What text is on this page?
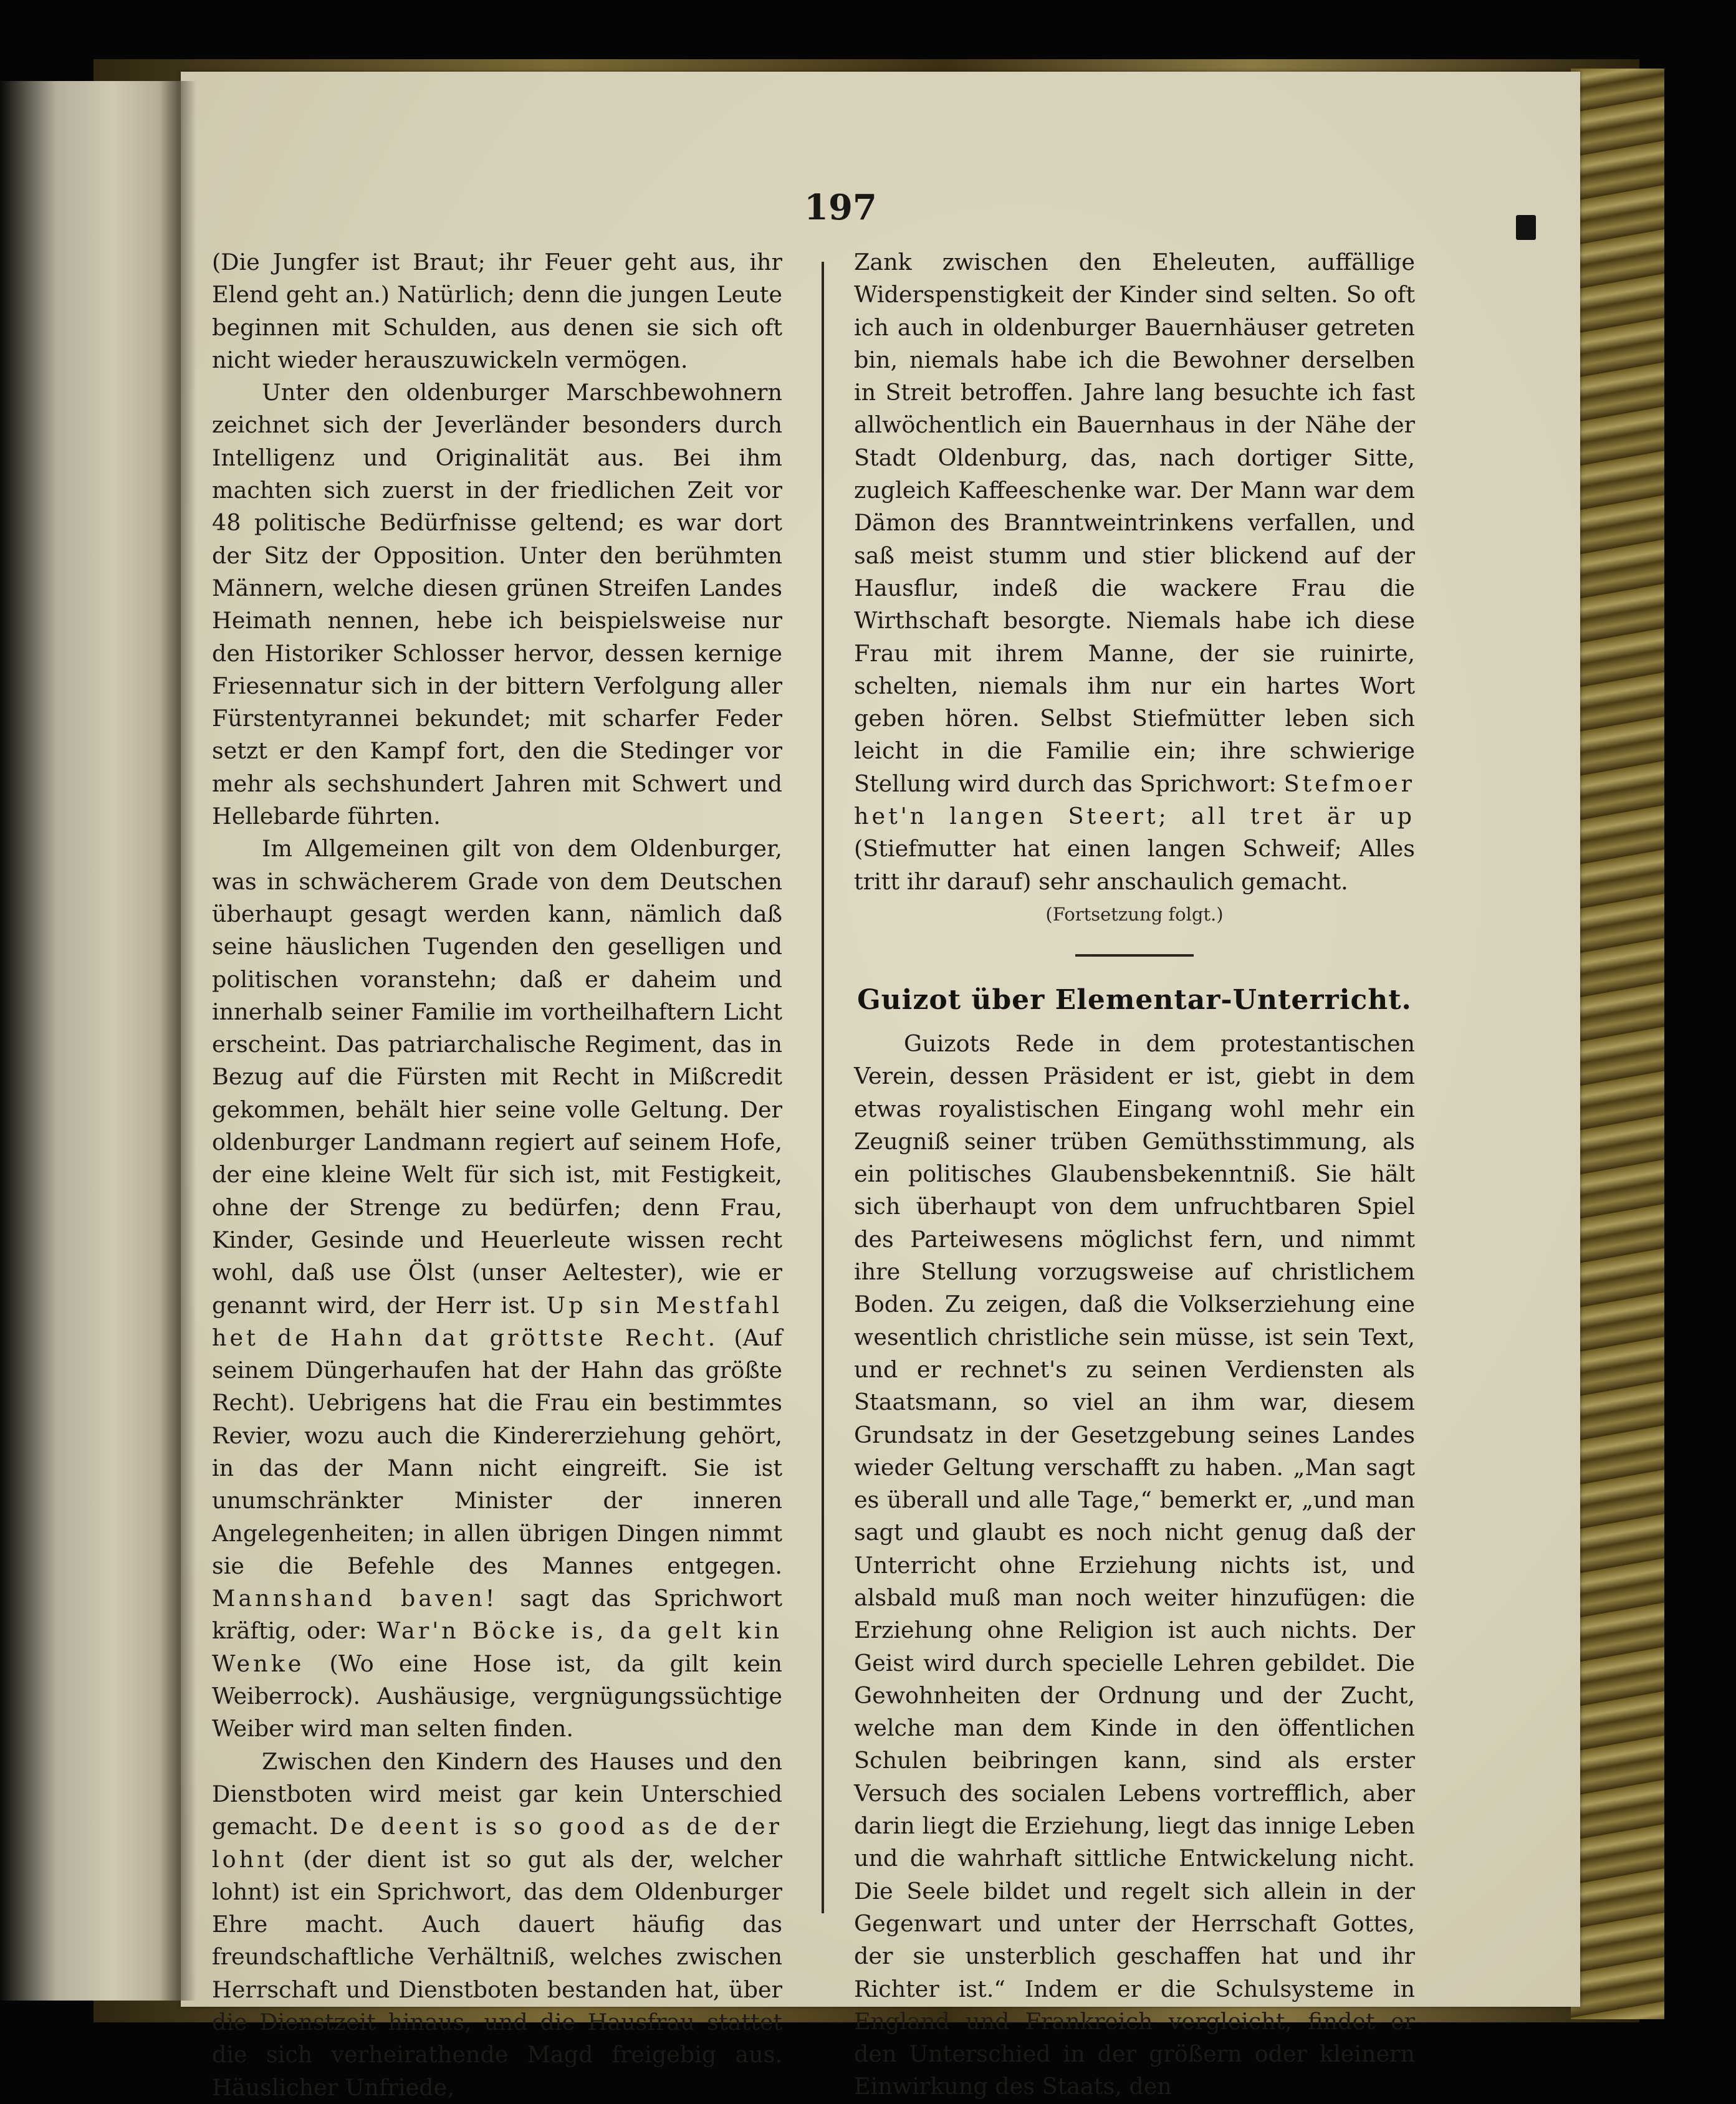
197

(Die Jungfer ist Braut; ihr Feuer geht aus, ihr Elend geht an.) Natürlich; denn die jungen Leute beginnen mit Schulden, aus denen sie sich oft nicht wieder herauszuwickeln vermögen.

Unter den oldenburger Marschbewohnern zeichnet sich der Jeverländer besonders durch Intelligenz und Originalität aus. Bei ihm machten sich zuerst in der friedlichen Zeit vor 48 politische Bedürfnisse geltend; es war dort der Sitz der Opposition. Unter den berühmten Männern, welche diesen grünen Streifen Landes Heimath nennen, hebe ich beispielsweise nur den Historiker Schlosser hervor, dessen kernige Friesennatur sich in der bittern Verfolgung aller Fürstentyrannei bekundet; mit scharfer Feder setzt er den Kampf fort, den die Stedinger vor mehr als sechshundert Jahren mit Schwert und Hellebarde führten.

Im Allgemeinen gilt von dem Oldenburger, was in schwächerem Grade von dem Deutschen überhaupt gesagt werden kann, nämlich daß seine häuslichen Tugenden den geselligen und politischen voranstehn; daß er daheim und innerhalb seiner Familie im vortheilhaftern Licht erscheint. Das patriarchalische Regiment, das in Bezug auf die Fürsten mit Recht in Mißcredit gekommen, behält hier seine volle Geltung. Der oldenburger Landmann regiert auf seinem Hofe, der eine kleine Welt für sich ist, mit Festigkeit, ohne der Strenge zu bedürfen; denn Frau, Kinder, Gesinde und Heuerleute wissen recht wohl, daß use Ölst (unser Aeltester), wie er genannt wird, der Herr ist. Up sin Mestfahl het de Hahn dat gröttste Recht. (Auf seinem Düngerhaufen hat der Hahn das größte Recht). Uebrigens hat die Frau ein bestimmtes Revier, wozu auch die Kindererziehung gehört, in das der Mann nicht eingreift. Sie ist unumschränkter Minister der inneren Angelegenheiten; in allen übrigen Dingen nimmt sie die Befehle des Mannes entgegen. Mannshand baven! sagt das Sprichwort kräftig, oder: War'n Böcke is, da gelt kin Wenke (Wo eine Hose ist, da gilt kein Weiberrock). Aushäusige, vergnügungssüchtige Weiber wird man selten finden.

Zwischen den Kindern des Hauses und den Dienstboten wird meist gar kein Unterschied gemacht. De deent is so good as de der lohnt (der dient ist so gut als der, welcher lohnt) ist ein Sprichwort, das dem Oldenburger Ehre macht. Auch dauert häufig das freundschaftliche Verhältniß, welches zwischen Herrschaft und Dienstboten bestanden hat, über die Dienstzeit hinaus, und die Hausfrau stattet die sich verheirathende Magd freigebig aus. Häuslicher Unfriede,

Zank zwischen den Eheleuten, auffällige Widerspenstigkeit der Kinder sind selten. So oft ich auch in oldenburger Bauernhäuser getreten bin, niemals habe ich die Bewohner derselben in Streit betroffen. Jahre lang besuchte ich fast allwöchentlich ein Bauernhaus in der Nähe der Stadt Oldenburg, das, nach dortiger Sitte, zugleich Kaffeeschenke war. Der Mann war dem Dämon des Branntweintrinkens verfallen, und saß meist stumm und stier blickend auf der Hausflur, indeß die wackere Frau die Wirthschaft besorgte. Niemals habe ich diese Frau mit ihrem Manne, der sie ruinirte, schelten, niemals ihm nur ein hartes Wort geben hören. Selbst Stiefmütter leben sich leicht in die Familie ein; ihre schwierige Stellung wird durch das Sprichwort: Stefmoer het'n langen Steert; all tret är up (Stiefmutter hat einen langen Schweif; Alles tritt ihr darauf) sehr anschaulich gemacht.

(Fortsetzung folgt.)

Guizot über Elementar-Unterricht.

Guizots Rede in dem protestantischen Verein, dessen Präsident er ist, giebt in dem etwas royalistischen Eingang wohl mehr ein Zeugniß seiner trüben Gemüthsstimmung, als ein politisches Glaubensbekenntniß. Sie hält sich überhaupt von dem unfruchtbaren Spiel des Parteiwesens möglichst fern, und nimmt ihre Stellung vorzugsweise auf christlichem Boden. Zu zeigen, daß die Volkserziehung eine wesentlich christliche sein müsse, ist sein Text, und er rechnet's zu seinen Verdiensten als Staatsmann, so viel an ihm war, diesem Grundsatz in der Gesetzgebung seines Landes wieder Geltung verschafft zu haben. „Man sagt es überall und alle Tage,“ bemerkt er, „und man sagt und glaubt es noch nicht genug daß der Unterricht ohne Erziehung nichts ist, und alsbald muß man noch weiter hinzufügen: die Erziehung ohne Religion ist auch nichts. Der Geist wird durch specielle Lehren gebildet. Die Gewohnheiten der Ordnung und der Zucht, welche man dem Kinde in den öffentlichen Schulen beibringen kann, sind als erster Versuch des socialen Lebens vortrefflich, aber darin liegt die Erziehung, liegt das innige Leben und die wahrhaft sittliche Entwickelung nicht. Die Seele bildet und regelt sich allein in der Gegenwart und unter der Herrschaft Gottes, der sie unsterblich geschaffen hat und ihr Richter ist.“ Indem er die Schulsysteme in England und Frankreich vergleicht, findet er den Unterschied in der größern oder kleinern Einwirkung des Staats, den
